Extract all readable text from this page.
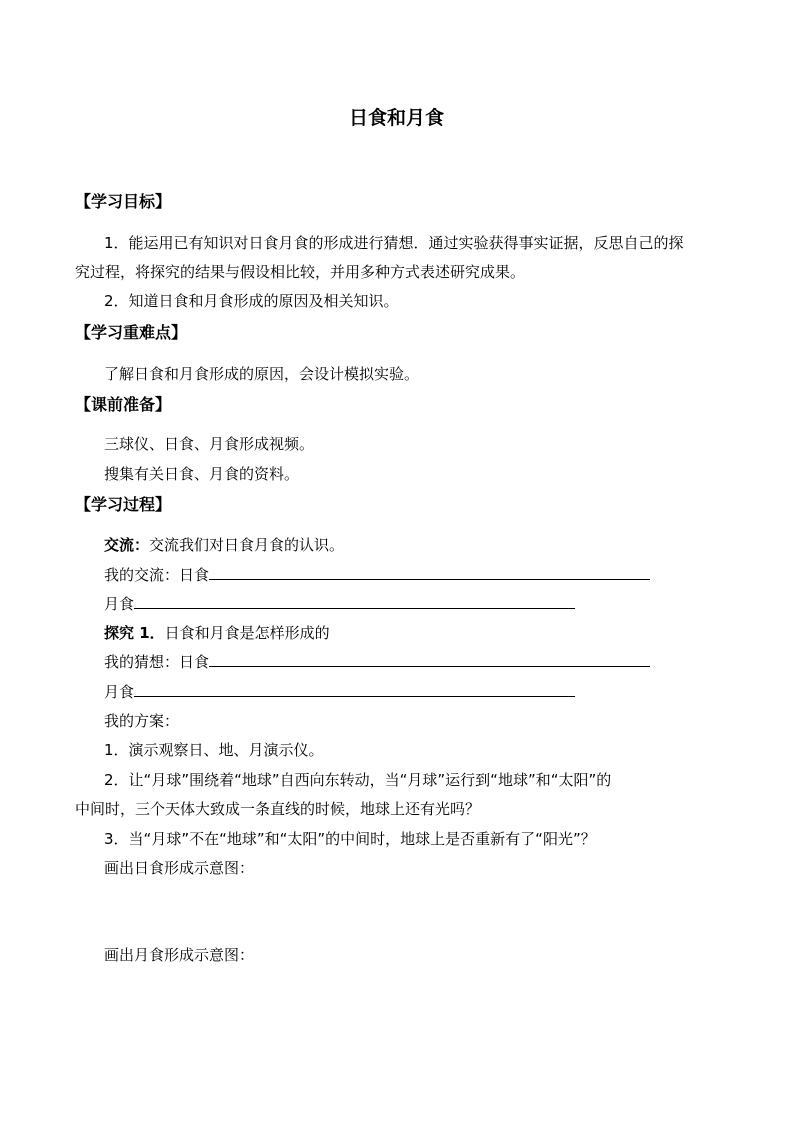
日食和月食
【学习目标】
1．能运用已有知识对日食月食的形成进行猜想．通过实验获得事实证据，反思自己的探
究过程，将探究的结果与假设相比较，并用多种方式表述研究成果。
2．知道日食和月食形成的原因及相关知识。
【学习重难点】
了解日食和月食形成的原因，会设计模拟实验。
【课前准备】
三球仪、日食、月食形成视频。
搜集有关日食、月食的资料。
【学习过程】
交流：交流我们对日食月食的认识。
我的交流：日食
月食
探究 1．日食和月食是怎样形成的
我的猜想：日食
月食
我的方案：
1．演示观察日、地、月演示仪。
2．让“月球”围绕着“地球”自西向东转动，当“月球”运行到“地球”和“太阳”的
中间时，三个天体大致成一条直线的时候，地球上还有光吗？
3．当“月球”不在“地球”和“太阳”的中间时，地球上是否重新有了“阳光”？
画出日食形成示意图：
画出月食形成示意图：
